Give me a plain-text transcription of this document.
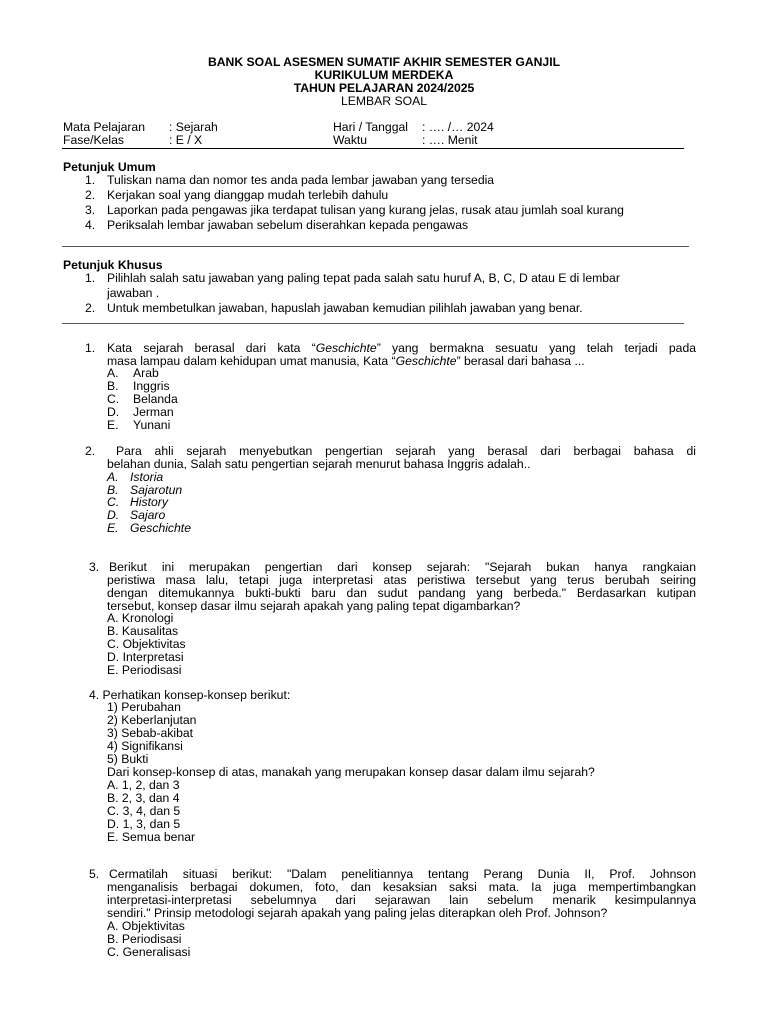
BANK SOAL ASESMEN SUMATIF AKHIR SEMESTER GANJIL
KURIKULUM MERDEKA
TAHUN PELAJARAN 2024/2025
LEMBAR SOAL
Mata Pelajaran : Sejarah	Hari / Tanggal : …. /… 2024
Fase/Kelas	: E / X	Waktu	: …. Menit
Petunjuk Umum
1. Tuliskan nama dan nomor tes anda pada lembar jawaban yang tersedia
2. Kerjakan soal yang dianggap mudah terlebih dahulu
3. Laporkan pada pengawas jika terdapat tulisan yang kurang jelas, rusak atau jumlah soal kurang
4. Periksalah lembar jawaban sebelum diserahkan kepada pengawas
Petunjuk Khusus
1. Pilihlah salah satu jawaban yang paling tepat pada salah satu huruf A, B, C, D atau E di lembar
jawaban .
2. Untuk membetulkan jawaban, hapuslah jawaban kemudian pilihlah jawaban yang benar.
1. Kata sejarah berasal dari kata “Geschichte” yang bermakna sesuatu yang telah terjadi pada
masa lampau dalam kehidupan umat manusia, Kata “Geschichte” berasal dari bahasa ...
A. Arab
B. Inggris
C. Belanda
D. Jerman
E. Yunani
2. Para ahli sejarah menyebutkan pengertian sejarah yang berasal dari berbagai bahasa di
belahan dunia, Salah satu pengertian sejarah menurut bahasa Inggris adalah..
A. Istoria
B. Sajarotun
C. History
D. Sajaro
E. Geschichte
3. Berikut ini merupakan pengertian dari konsep sejarah: "Sejarah bukan hanya rangkaian
peristiwa masa lalu, tetapi juga interpretasi atas peristiwa tersebut yang terus berubah seiring
dengan ditemukannya bukti-bukti baru dan sudut pandang yang berbeda." Berdasarkan kutipan
tersebut, konsep dasar ilmu sejarah apakah yang paling tepat digambarkan?
A. Kronologi
B. Kausalitas
C. Objektivitas
D. Interpretasi
E. Periodisasi
4. Perhatikan konsep-konsep berikut:
1) Perubahan
2) Keberlanjutan
3) Sebab-akibat
4) Signifikansi
5) Bukti
Dari konsep-konsep di atas, manakah yang merupakan konsep dasar dalam ilmu sejarah?
A. 1, 2, dan 3
B. 2, 3, dan 4
C. 3, 4, dan 5
D. 1, 3, dan 5
E. Semua benar
5. Cermatilah situasi berikut: "Dalam penelitiannya tentang Perang Dunia II, Prof. Johnson
menganalisis berbagai dokumen, foto, dan kesaksian saksi mata. Ia juga mempertimbangkan
interpretasi-interpretasi sebelumnya dari sejarawan lain sebelum menarik kesimpulannya
sendiri." Prinsip metodologi sejarah apakah yang paling jelas diterapkan oleh Prof. Johnson?
A. Objektivitas
B. Periodisasi
C. Generalisasi
